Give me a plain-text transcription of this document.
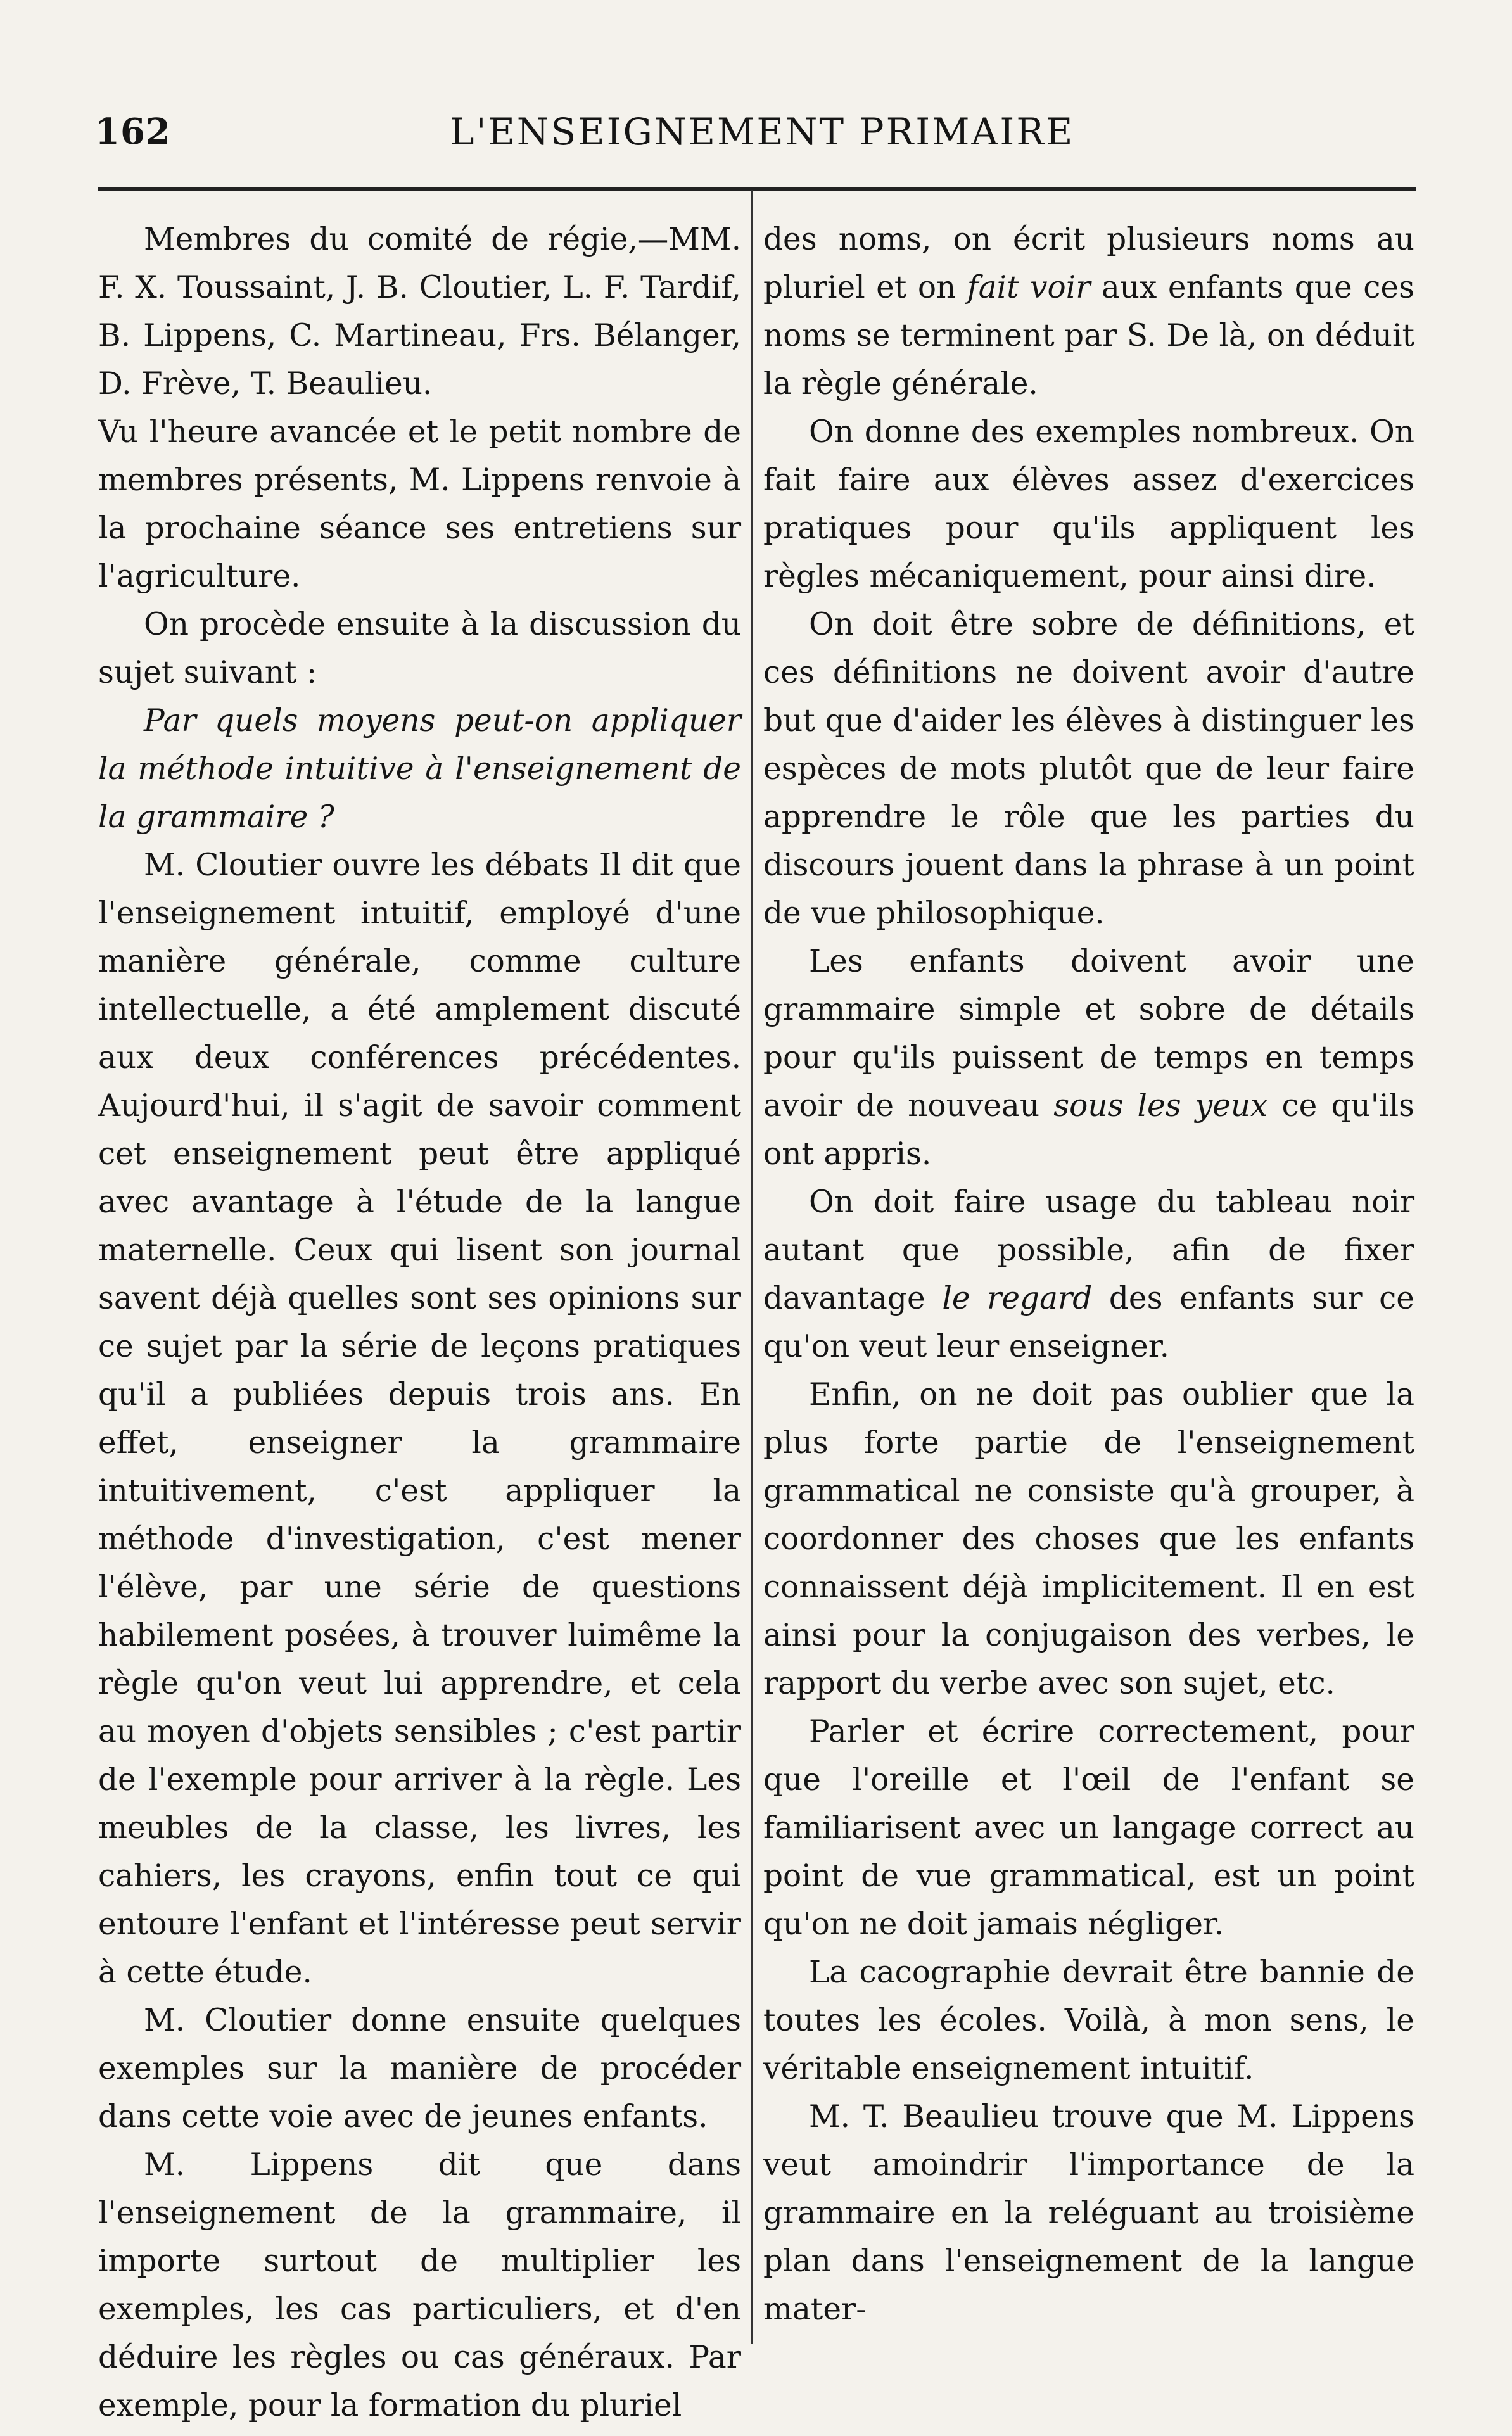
162	L'ENSEIGNEMENT PRIMAIRE

Membres du comité de régie,—MM. F. X. Toussaint, J. B. Cloutier, L. F. Tardif, B. Lippens, C. Martineau, Frs. Bélanger, D. Frève, T. Beaulieu.

Vu l'heure avancée et le petit nombre de membres présents, M. Lippens renvoie à la prochaine séance ses entretiens sur l'agriculture.

On procède ensuite à la discussion du sujet suivant :

Par quels moyens peut-on appliquer la méthode intuitive à l'enseignement de la grammaire ?

M. Cloutier ouvre les débats Il dit que l'enseignement intuitif, employé d'une manière générale, comme culture intellectuelle, a été amplement discuté aux deux conférences précédentes. Aujourd'hui, il s'agit de savoir comment cet enseignement peut être appliqué avec avantage à l'étude de la langue maternelle. Ceux qui lisent son journal savent déjà quelles sont ses opinions sur ce sujet par la série de leçons pratiques qu'il a publiées depuis trois ans. En effet, enseigner la grammaire intuitivement, c'est appliquer la méthode d'investigation, c'est mener l'élève, par une série de questions habilement posées, à trouver luimême la règle qu'on veut lui apprendre, et cela au moyen d'objets sensibles ; c'est partir de l'exemple pour arriver à la règle. Les meubles de la classe, les livres, les cahiers, les crayons, enfin tout ce qui entoure l'enfant et l'intéresse peut servir à cette étude.

M. Cloutier donne ensuite quelques exemples sur la manière de procéder dans cette voie avec de jeunes enfants.

M. Lippens dit que dans l'enseignement de la grammaire, il importe surtout de multiplier les exemples, les cas particuliers, et d'en déduire les règles ou cas généraux. Par exemple, pour la formation du pluriel

des noms, on écrit plusieurs noms au pluriel et on fait voir aux enfants que ces noms se terminent par S. De là, on déduit la règle générale.

On donne des exemples nombreux. On fait faire aux élèves assez d'exercices pratiques pour qu'ils appliquent les règles mécaniquement, pour ainsi dire.

On doit être sobre de définitions, et ces définitions ne doivent avoir d'autre but que d'aider les élèves à distinguer les espèces de mots plutôt que de leur faire apprendre le rôle que les parties du discours jouent dans la phrase à un point de vue philosophique.

Les enfants doivent avoir une grammaire simple et sobre de détails pour qu'ils puissent de temps en temps avoir de nouveau sous les yeux ce qu'ils ont appris.

On doit faire usage du tableau noir autant que possible, afin de fixer davantage le regard des enfants sur ce qu'on veut leur enseigner.

Enfin, on ne doit pas oublier que la plus forte partie de l'enseignement grammatical ne consiste qu'à grouper, à coordonner des choses que les enfants connaissent déjà implicitement. Il en est ainsi pour la conjugaison des verbes, le rapport du verbe avec son sujet, etc.

Parler et écrire correctement, pour que l'oreille et l'œil de l'enfant se familiarisent avec un langage correct au point de vue grammatical, est un point qu'on ne doit jamais négliger.

La cacographie devrait être bannie de toutes les écoles. Voilà, à mon sens, le véritable enseignement intuitif.

M. T. Beaulieu trouve que M. Lippens veut amoindrir l'importance de la grammaire en la reléguant au troisième plan dans l'enseignement de la langue mater-
